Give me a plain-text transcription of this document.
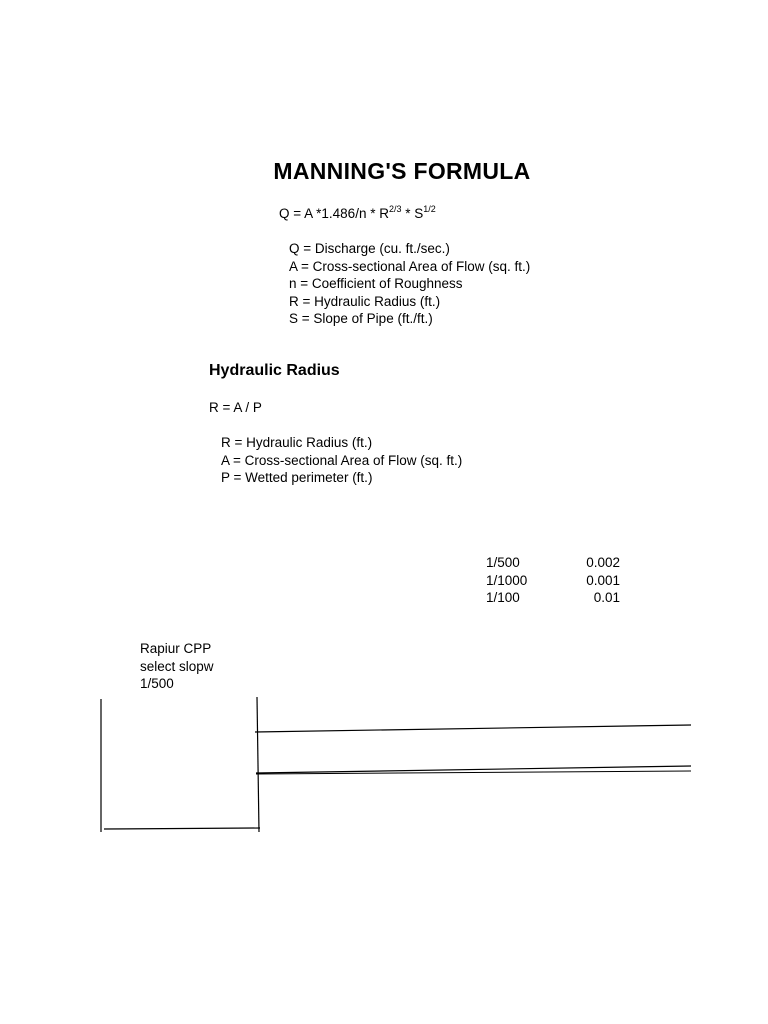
MANNING'S FORMULA
Q = A $*1.486/n * R^{2/3} * S^{1/2}$
Q = Discharge (cu. ft./sec.)
A = Cross-sectional Area of Flow (sq. ft.)
n = Coefficient of Roughness
R = Hydraulic Radius (ft.)
S = Slope of Pipe (ft./ft.)
Hydraulic Radius
R = A / P
R = Hydraulic Radius (ft.)
A = Cross-sectional Area of Flow (sq. ft.)
P = Wetted perimeter (ft.)
1/500	0.002
1/1000	0.001
1/100	0.01
Rapiur CPP
select slopw
1/500
